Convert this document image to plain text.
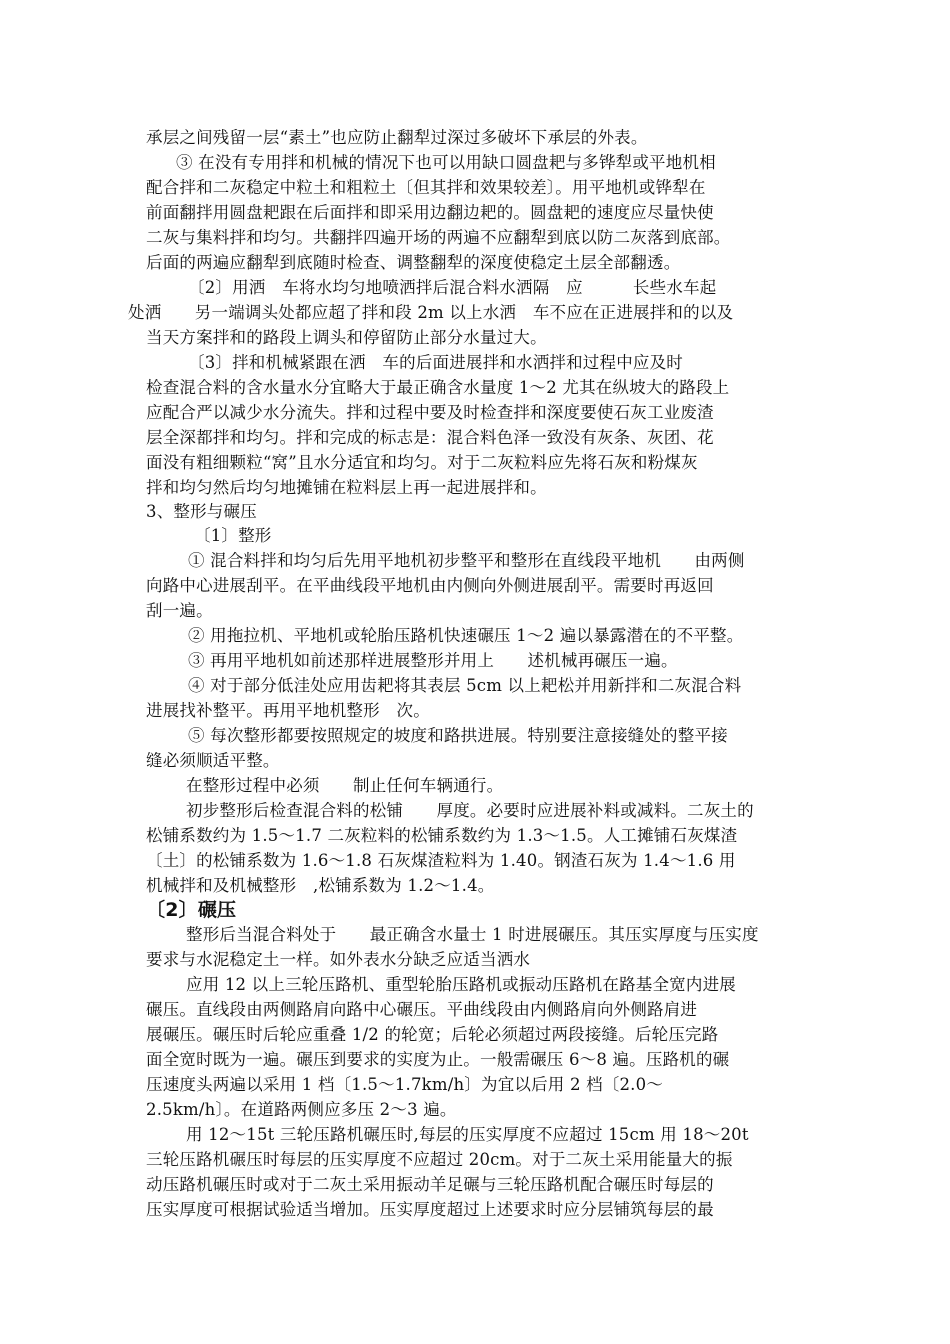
承层之间残留一层“素土”也应防止翻犁过深过多破坏下承层的外表。
③ 在没有专用拌和机械的情况下也可以用缺口圆盘耙与多铧犁或平地机相
配合拌和二灰稳定中粒土和粗粒土〔但其拌和效果较差〕。用平地机或铧犁在
前面翻拌用圆盘耙跟在后面拌和即采用边翻边耙的。圆盘耙的速度应尽量快使
二灰与集料拌和均匀。共翻拌四遍开场的两遍不应翻犁到底以防二灰落到底部。
后面的两遍应翻犁到底随时检查、调整翻犁的深度使稳定土层全部翻透。
〔2〕用洒　车将水均匀地喷洒拌后混合料水洒隔　应　　　长些水车起
处洒　　另一端调头处都应超了拌和段 2m 以上水洒　车不应在正进展拌和的以及
当天方案拌和的路段上调头和停留防止部分水量过大。
〔3〕拌和机械紧跟在洒　车的后面进展拌和水洒拌和过程中应及时
检查混合料的含水量水分宜略大于最正确含水量度 1～2 尤其在纵坡大的路段上
应配合严以减少水分流失。拌和过程中要及时检查拌和深度要使石灰工业废渣
层全深都拌和均匀。拌和完成的标志是：混合料色泽一致没有灰条、灰团、花
面没有粗细颗粒“窝”且水分适宜和均匀。对于二灰粒料应先将石灰和粉煤灰
拌和均匀然后均匀地摊铺在粒料层上再一起进展拌和。
3、整形与碾压
〔1〕整形
① 混合料拌和均匀后先用平地机初步整平和整形在直线段平地机　　由两侧
向路中心进展刮平。在平曲线段平地机由内侧向外侧进展刮平。需要时再返回
刮一遍。
② 用拖拉机、平地机或轮胎压路机快速碾压 1～2 遍以暴露潜在的不平整。
③ 再用平地机如前述那样进展整形并用上　　述机械再碾压一遍。
④ 对于部分低洼处应用齿耙将其表层 5cm 以上耙松并用新拌和二灰混合料
进展找补整平。再用平地机整形　次。
⑤ 每次整形都要按照规定的坡度和路拱进展。特别要注意接缝处的整平接
缝必须顺适平整。
在整形过程中必须　　制止任何车辆通行。
初步整形后检查混合料的松铺　　厚度。必要时应进展补料或减料。二灰土的
松铺系数约为 1.5～1.7 二灰粒料的松铺系数约为 1.3～1.5。人工摊铺石灰煤渣
〔土〕的松铺系数为 1.6～1.8 石灰煤渣粒料为 1.40。钢渣石灰为 1.4～1.6 用
机械拌和及机械整形　,松铺系数为 1.2～1.4。
〔2〕碾压
整形后当混合料处于　　最正确含水量士 1 时进展碾压。其压实厚度与压实度
要求与水泥稳定土一样。如外表水分缺乏应适当洒水
应用 12 以上三轮压路机、重型轮胎压路机或振动压路机在路基全宽内进展
碾压。直线段由两侧路肩向路中心碾压。平曲线段由内侧路肩向外侧路肩进
展碾压。碾压时后轮应重叠 1/2 的轮宽；后轮必须超过两段接缝。后轮压完路
面全宽时既为一遍。碾压到要求的实度为止。一般需碾压 6～8 遍。压路机的碾
压速度头两遍以采用 1 档〔1.5～1.7km/h〕为宜以后用 2 档〔2.0～
2.5km/h〕。在道路两侧应多压 2～3 遍。
用 12～15t 三轮压路机碾压时,每层的压实厚度不应超过 15cm 用 18～20t
三轮压路机碾压时每层的压实厚度不应超过 20cm。对于二灰土采用能量大的振
动压路机碾压时或对于二灰土采用振动羊足碾与三轮压路机配合碾压时每层的
压实厚度可根据试验适当增加。压实厚度超过上述要求时应分层铺筑每层的最
